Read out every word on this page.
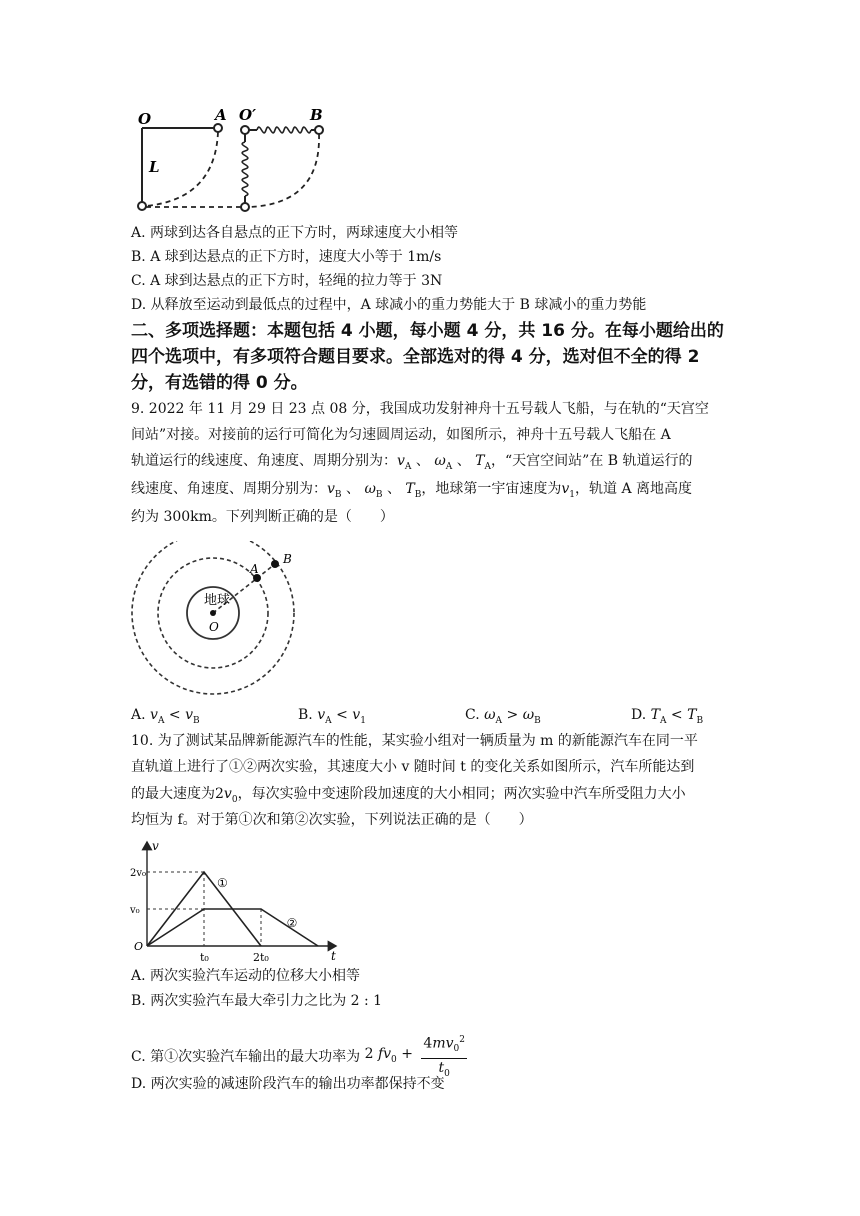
O	A O′	B
L
A. 两球到达各自悬点的正下方时，两球速度大小相等
B. A 球到达悬点的正下方时，速度大小等于 1m/s
C. A 球到达悬点的正下方时，轻绳的拉力等于 3N
D. 从释放至运动到最低点的过程中，A 球减小的重力势能大于 B 球减小的重力势能
二、多项选择题：本题包括 4 小题，每小题 4 分，共 16 分。在每小题给出的四个选项中，有多项符合题目要求。全部选对的得 4 分，选对但不全的得 2 分，有选错的得 0 分。
9. 2022 年 11 月 29 日 23 点 08 分，我国成功发射神舟十五号载人飞船，与在轨的“天宫空
间站”对接。对接前的运行可简化为匀速圆周运动，如图所示，神舟十五号载人飞船在 A
轨道运行的线速度、角速度、周期分别为：$v_A$ 、 $\omega_A$ 、 $T_A$，“天宫空间站”在 B 轨道运行的
线速度、角速度、周期分别为：$v_B$ 、 $\omega_B$ 、 $T_B$，地球第一宇宙速度为$v_1$，轨道 A 离地高度
约为 300km。下列判断正确的是（　　）
地球
A
B
O
A. $v_A < v_B$	B. $v_A < v_1$	C. $\omega_A > \omega_B$	D. $T_A < T_B$
10. 为了测试某品牌新能源汽车的性能，某实验小组对一辆质量为 m 的新能源汽车在同一平
直轨道上进行了①②两次实验，其速度大小 v 随时间 t 的变化关系如图所示，汽车所能达到
的最大速度为$2v_0$，每次实验中变速阶段加速度的大小相同；两次实验中汽车所受阻力大小
均恒为 f。对于第①次和第②次实验，下列说法正确的是（　　）
v
t
①
②
2v₀
v₀
O
t₀	2t₀
A. 两次实验汽车运动的位移大小相等
B. 两次实验汽车最大牵引力之比为 2 : 1
C. 第①次实验汽车输出的最大功率为 2 $fv_0 + \frac{4mv_0^2}{t_0}$
D. 两次实验的减速阶段汽车的输出功率都保持不变
